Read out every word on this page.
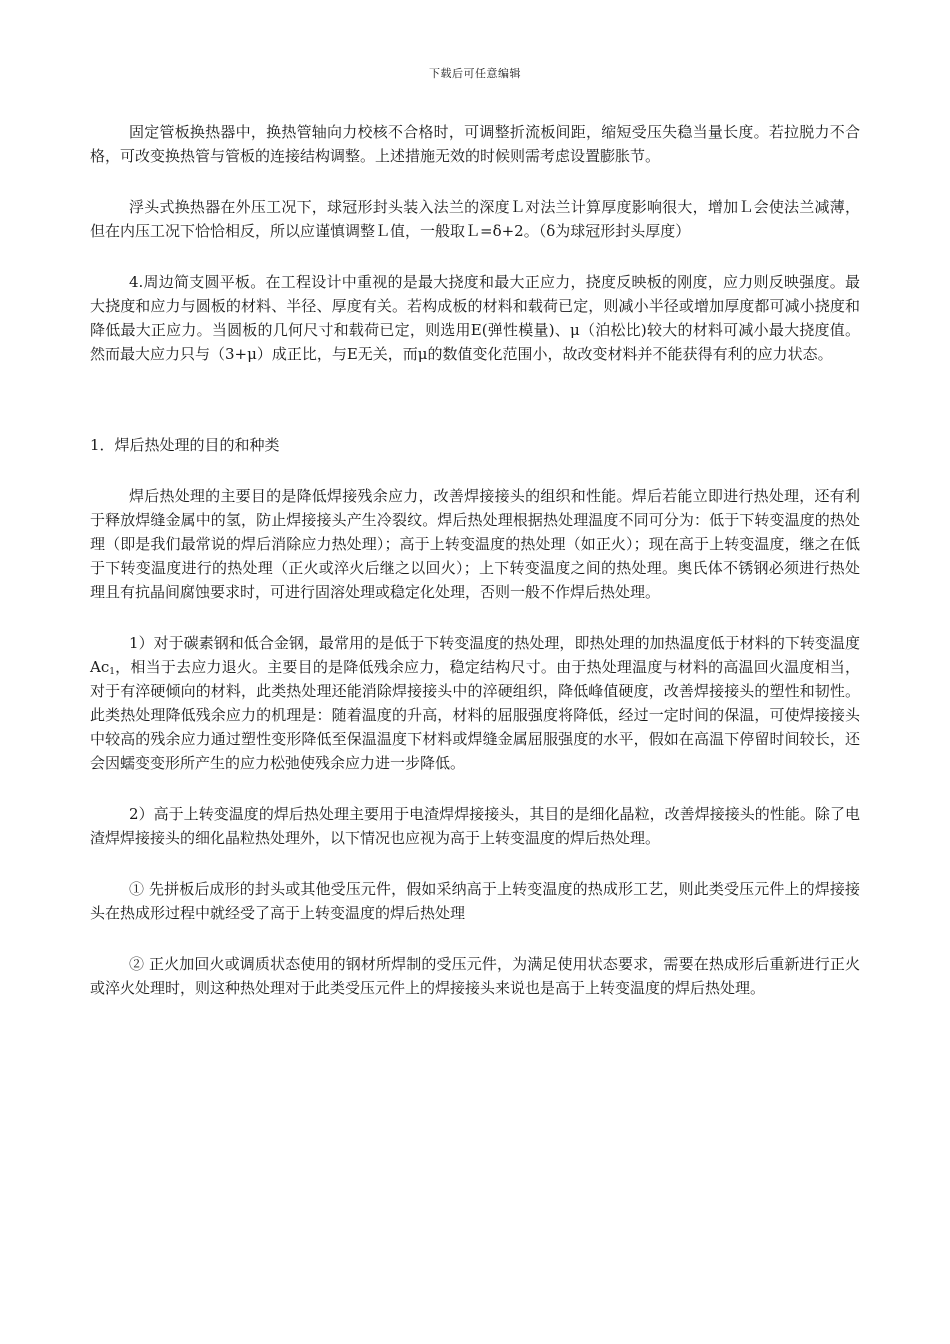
下载后可任意编辑

固定管板换热器中，换热管轴向力校核不合格时，可调整折流板间距，缩短受压失稳当量长度。若拉脱力不合格，可改变换热管与管板的连接结构调整。上述措施无效的时候则需考虑设置膨胀节。

浮头式换热器在外压工况下，球冠形封头装入法兰的深度Ｌ对法兰计算厚度影响很大，增加Ｌ会使法兰减薄，但在内压工况下恰恰相反，所以应谨慎调整Ｌ值，一般取Ｌ=δ+2。（δ为球冠形封头厚度）

4.周边简支圆平板。在工程设计中重视的是最大挠度和最大正应力，挠度反映板的刚度，应力则反映强度。最大挠度和应力与圆板的材料、半径、厚度有关。若构成板的材料和载荷已定，则减小半径或增加厚度都可减小挠度和降低最大正应力。当圆板的几何尺寸和载荷已定，则选用E(弹性模量)、μ（泊松比)较大的材料可减小最大挠度值。然而最大应力只与（3+μ）成正比，与E无关，而μ的数值变化范围小，故改变材料并不能获得有利的应力状态。

1．焊后热处理的目的和种类

焊后热处理的主要目的是降低焊接残余应力，改善焊接接头的组织和性能。焊后若能立即进行热处理，还有利于释放焊缝金属中的氢，防止焊接接头产生冷裂纹。焊后热处理根据热处理温度不同可分为：低于下转变温度的热处理（即是我们最常说的焊后消除应力热处理）；高于上转变温度的热处理（如正火）；现在高于上转变温度，继之在低于下转变温度进行的热处理（正火或淬火后继之以回火）；上下转变温度之间的热处理。奥氏体不锈钢必须进行热处理且有抗晶间腐蚀要求时，可进行固溶处理或稳定化处理，否则一般不作焊后热处理。

1）对于碳素钢和低合金钢，最常用的是低于下转变温度的热处理，即热处理的加热温度低于材料的下转变温度$Ac_1$，相当于去应力退火。主要目的是降低残余应力，稳定结构尺寸。由于热处理温度与材料的高温回火温度相当，对于有淬硬倾向的材料，此类热处理还能消除焊接接头中的淬硬组织，降低峰值硬度，改善焊接接头的塑性和韧性。此类热处理降低残余应力的机理是：随着温度的升高，材料的屈服强度将降低，经过一定时间的保温，可使焊接接头中较高的残余应力通过塑性变形降低至保温温度下材料或焊缝金属屈服强度的水平，假如在高温下停留时间较长，还会因蠕变变形所产生的应力松弛使残余应力进一步降低。

2）高于上转变温度的焊后热处理主要用于电渣焊焊接接头，其目的是细化晶粒，改善焊接接头的性能。除了电渣焊焊接接头的细化晶粒热处理外，以下情况也应视为高于上转变温度的焊后热处理。

① 先拼板后成形的封头或其他受压元件，假如采纳高于上转变温度的热成形工艺，则此类受压元件上的焊接接头在热成形过程中就经受了高于上转变温度的焊后热处理

② 正火加回火或调质状态使用的钢材所焊制的受压元件，为满足使用状态要求，需要在热成形后重新进行正火或淬火处理时，则这种热处理对于此类受压元件上的焊接接头来说也是高于上转变温度的焊后热处理。
